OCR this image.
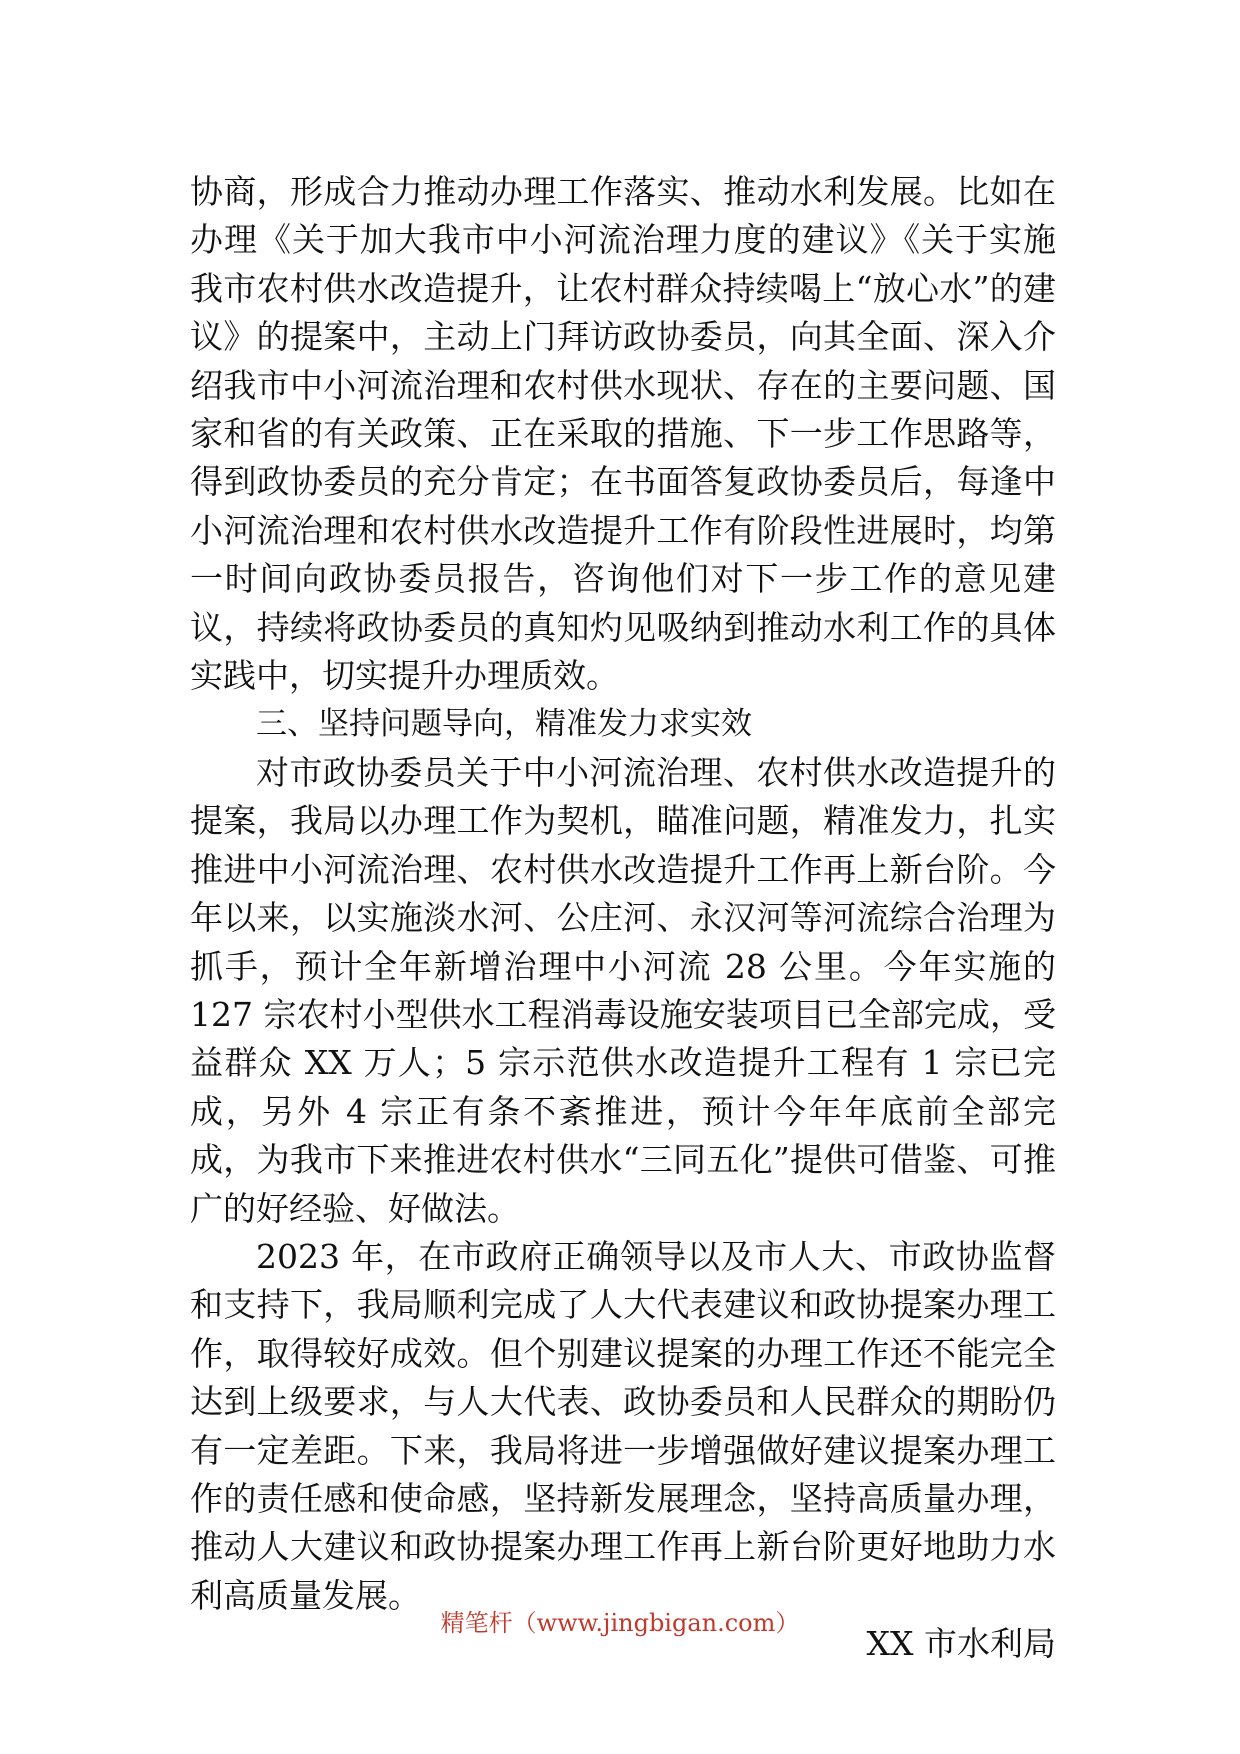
协商，形成合力推动办理工作落实、推动水利发展。比如在办理《关于加大我市中小河流治理力度的建议》《关于实施我市农村供水改造提升，让农村群众持续喝上“放心水”的建议》的提案中，主动上门拜访政协委员，向其全面、深入介绍我市中小河流治理和农村供水现状、存在的主要问题、国家和省的有关政策、正在采取的措施、下一步工作思路等，得到政协委员的充分肯定；在书面答复政协委员后，每逢中小河流治理和农村供水改造提升工作有阶段性进展时，均第一时间向政协委员报告，咨询他们对下一步工作的意见建议，持续将政协委员的真知灼见吸纳到推动水利工作的具体实践中，切实提升办理质效。

三、坚持问题导向，精准发力求实效

对市政协委员关于中小河流治理、农村供水改造提升的提案，我局以办理工作为契机，瞄准问题，精准发力，扎实推进中小河流治理、农村供水改造提升工作再上新台阶。今年以来，以实施淡水河、公庄河、永汉河等河流综合治理为抓手，预计全年新增治理中小河流 28 公里。今年实施的 127 宗农村小型供水工程消毒设施安装项目已全部完成，受益群众 XX 万人；5 宗示范供水改造提升工程有 1 宗已完成，另外 4 宗正有条不紊推进，预计今年年底前全部完成，为我市下来推进农村供水“三同五化”提供可借鉴、可推广的好经验、好做法。

2023 年，在市政府正确领导以及市人大、市政协监督和支持下，我局顺利完成了人大代表建议和政协提案办理工作，取得较好成效。但个别建议提案的办理工作还不能完全达到上级要求，与人大代表、政协委员和人民群众的期盼仍有一定差距。下来，我局将进一步增强做好建议提案办理工作的责任感和使命感，坚持新发展理念，坚持高质量办理，推动人大建议和政协提案办理工作再上新台阶更好地助力水利高质量发展。

XX 市水利局

精笔杆（www.jingbigan.com）
